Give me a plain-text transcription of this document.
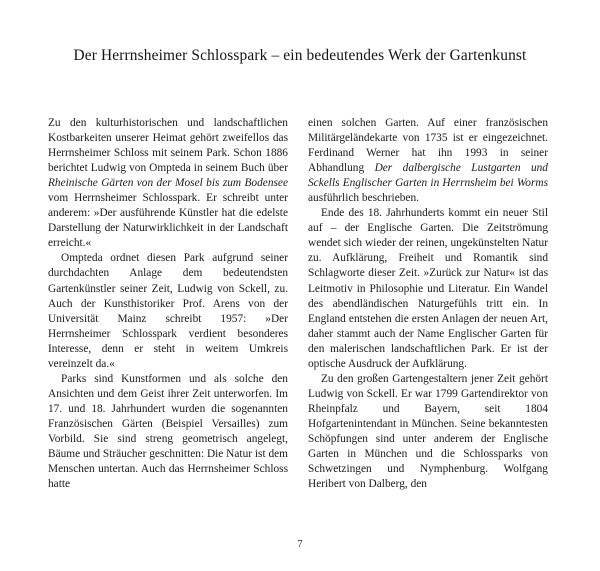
Der Herrnsheimer Schlosspark – ein bedeutendes Werk der Gartenkunst

Zu den kulturhistorischen und landschaftlichen Kostbarkeiten unserer Heimat gehört zweifellos das Herrnsheimer Schloss mit seinem Park. Schon 1886 berichtet Ludwig von Ompteda in seinem Buch über Rheinische Gärten von der Mosel bis zum Bodensee vom Herrnsheimer Schlosspark. Er schreibt unter anderem: »Der ausführende Künstler hat die edelste Darstellung der Naturwirklichkeit in der Landschaft erreicht.«

Ompteda ordnet diesen Park aufgrund seiner durchdachten Anlage dem bedeutendsten Gartenkünstler seiner Zeit, Ludwig von Sckell, zu. Auch der Kunsthistoriker Prof. Arens von der Universität Mainz schreibt 1957: »Der Herrnsheimer Schlosspark verdient besonderes Interesse, denn er steht in weitem Umkreis vereinzelt da.«

Parks sind Kunstformen und als solche den Ansichten und dem Geist ihrer Zeit unterworfen. Im 17. und 18. Jahrhundert wurden die sogenannten Französischen Gärten (Beispiel Versailles) zum Vorbild. Sie sind streng geometrisch angelegt, Bäume und Sträucher geschnitten: Die Natur ist dem Menschen untertan. Auch das Herrnsheimer Schloss hatte

einen solchen Garten. Auf einer französischen Militärgeländekarte von 1735 ist er eingezeichnet. Ferdinand Werner hat ihn 1993 in seiner Abhandlung Der dalbergische Lustgarten und Sckells Englischer Garten in Herrnsheim bei Worms ausführlich beschrieben.

Ende des 18. Jahrhunderts kommt ein neuer Stil auf – der Englische Garten. Die Zeitströmung wendet sich wieder der reinen, ungekünstelten Natur zu. Aufklärung, Freiheit und Romantik sind Schlagworte dieser Zeit. »Zurück zur Natur« ist das Leitmotiv in Philosophie und Literatur. Ein Wandel des abendländischen Naturgefühls tritt ein. In England entstehen die ersten Anlagen der neuen Art, daher stammt auch der Name Englischer Garten für den malerischen landschaftlichen Park. Er ist der optische Ausdruck der Aufklärung.

Zu den großen Gartengestaltern jener Zeit gehört Ludwig von Sckell. Er war 1799 Gartendirektor von Rheinpfalz und Bayern, seit 1804 Hofgartenintendant in München. Seine bekanntesten Schöpfungen sind unter anderem der Englische Garten in München und die Schlossparks von Schwetzingen und Nymphenburg. Wolfgang Heribert von Dalberg, den

7
